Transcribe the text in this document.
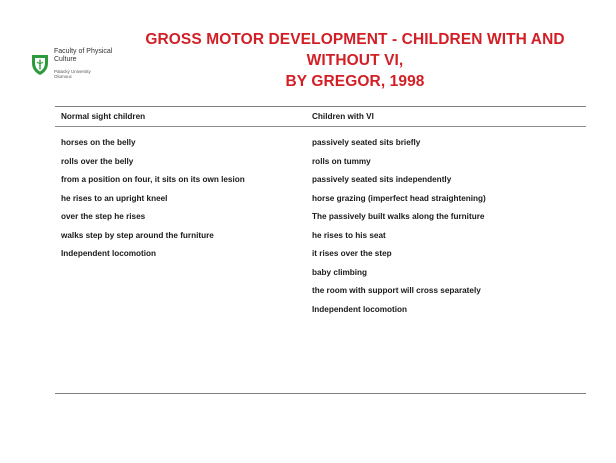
Faculty of Physical
Culture
Palacký University
Olomouc
GROSS MOTOR DEVELOPMENT - CHILDREN WITH AND WITHOUT VI,
BY GREGOR, 1998
Normal sight children	Children with VI
horses on the belly
rolls over the belly
from a position on four, it sits on its own lesion
he rises to an upright kneel
over the step he rises
walks step by step around the furniture
Independent locomotion
passively seated sits briefly
rolls on tummy
passively seated sits independently
horse grazing (imperfect head straightening)
The passively built walks along the furniture
he rises to his seat
it rises over the step
baby climbing
the room with support will cross separately
Independent locomotion
